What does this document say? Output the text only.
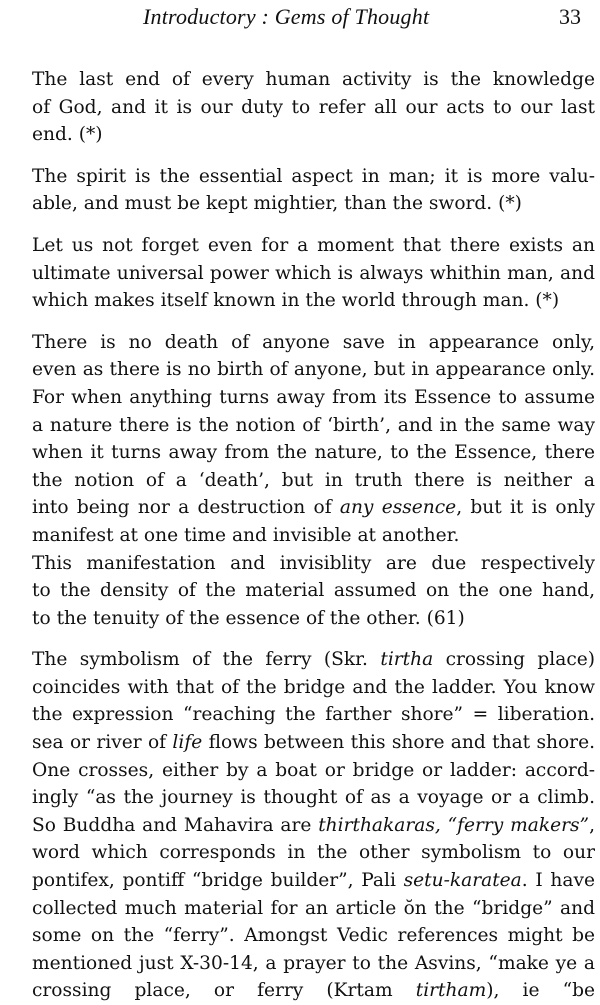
Introductory : Gems of Thought	33

The last end of every human activity is the knowledge
of God, and it is our duty to refer all our acts to our last
end. (*)

The spirit is the essential aspect in man; it is more valu-
able, and must be kept mightier, than the sword. (*)

Let us not forget even for a moment that there exists an
ultimate universal power which is always whithin man, and
which makes itself known in the world through man. (*)

There is no death of anyone save in appearance only,
even as there is no birth of anyone, but in appearance only.
For when anything turns away from its Essence to assume
a nature there is the notion of ‘birth’, and in the same way
when it turns away from the nature, to the Essence, there
the notion of a ‘death’, but in truth there is neither a
into being nor a destruction of any essence, but it is only
manifest at one time and invisible at another.

This manifestation and invisiblity are due respectively
to the density of the material assumed on the one hand,
to the tenuity of the essence of the other. (61)

The symbolism of the ferry (Skr. tirtha crossing place)
coincides with that of the bridge and the ladder. You know
the expression “reaching the farther shore” = liberation.
sea or river of life flows between this shore and that shore.
One crosses, either by a boat or bridge or ladder: accord-
ingly “as the journey is thought of as a voyage or a climb.
So Buddha and Mahavira are thirthakaras, “ferry makers”,
word which corresponds in the other symbolism to our
pontifex, pontiff “bridge builder”, Pali setu-karatea. I have
collected much material for an article ŏn the “bridge” and
some on the “ferry”. Amongst Vedic references might be
mentioned just X-30-14, a prayer to the Asvins, “make ye a
crossing place, or ferry (Krtam tirtham), ie “be
